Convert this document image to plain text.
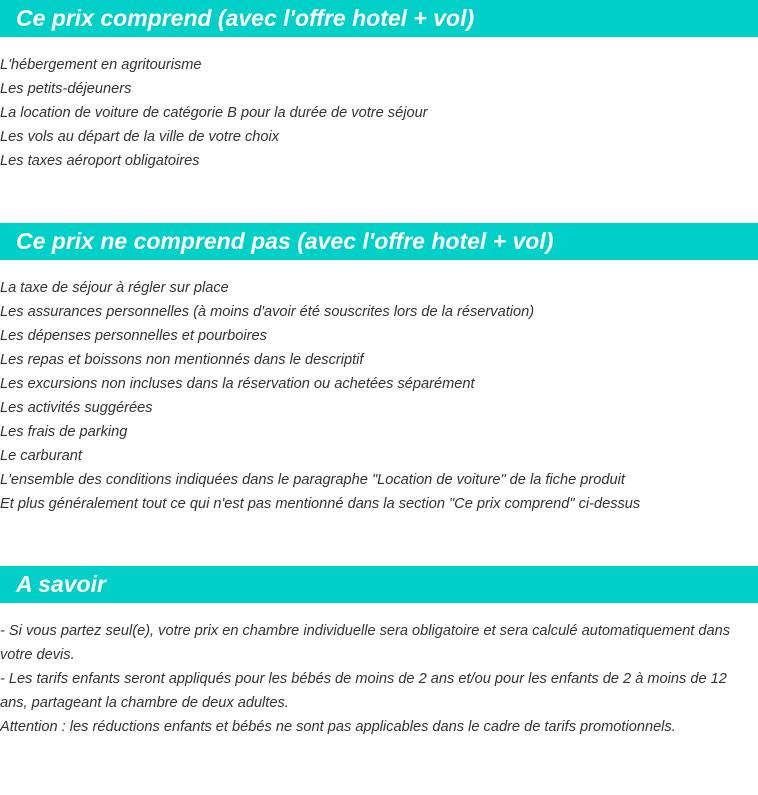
Ce prix comprend (avec l'offre hotel + vol)
L'hébergement en agritourisme
Les petits-déjeuners
La location de voiture de catégorie B pour la durée de votre séjour
Les vols au départ de la ville de votre choix
Les taxes aéroport obligatoires
Ce prix ne comprend pas (avec l'offre hotel + vol)
La taxe de séjour à régler sur place
Les assurances personnelles (à moins d'avoir été souscrites lors de la réservation)
Les dépenses personnelles et pourboires
Les repas et boissons non mentionnés dans le descriptif
Les excursions non incluses dans la réservation ou achetées séparément
Les activités suggérées
Les frais de parking
Le carburant
L'ensemble des conditions indiquées dans le paragraphe "Location de voiture" de la fiche produit
Et plus généralement tout ce qui n'est pas mentionné dans la section "Ce prix comprend" ci-dessus
A savoir

- Si vous partez seul(e), votre prix en chambre individuelle sera obligatoire et sera calculé automatiquement dans votre devis.

- Les tarifs enfants seront appliqués pour les bébés de moins de 2 ans et/ou pour les enfants de 2 à moins de 12 ans, partageant la chambre de deux adultes.

Attention : les réductions enfants et bébés ne sont pas applicables dans le cadre de tarifs promotionnels.
